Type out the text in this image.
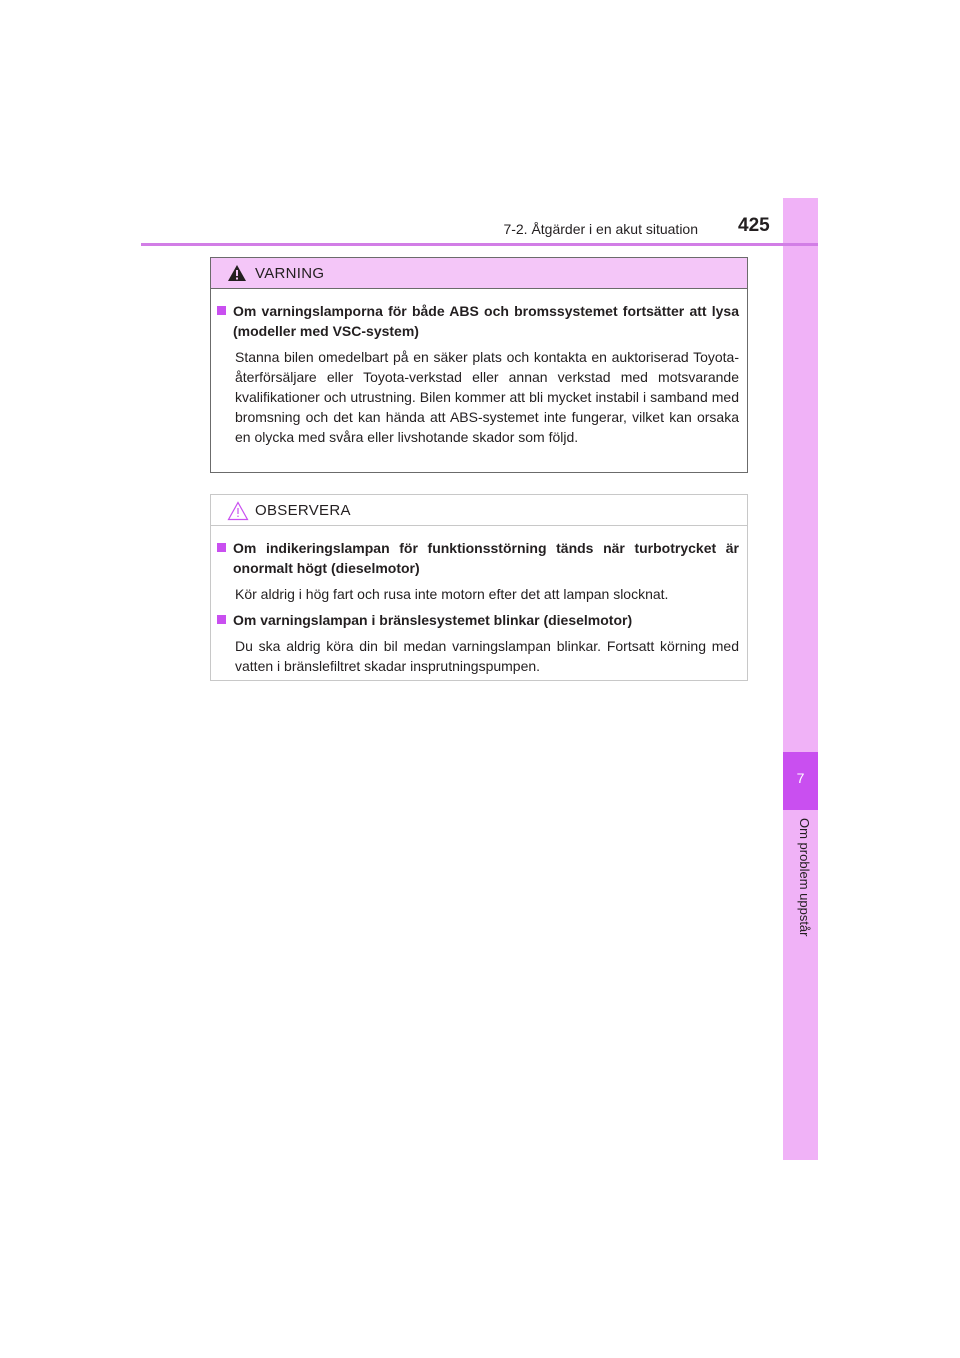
7
Om problem uppstår
7-2. Åtgärder i en akut situation 425
VARNING
Om varningslamporna för både ABS och bromssystemet fortsätter att lysa (modeller med VSC-system)
Stanna bilen omedelbart på en säker plats och kontakta en auktoriserad Toyota-återförsäljare eller Toyota-verkstad eller annan verkstad med motsvarande kvalifikationer och utrustning. Bilen kommer att bli mycket instabil i samband med bromsning och det kan hända att ABS-systemet inte fungerar, vilket kan orsaka en olycka med svåra eller livshotande skador som följd.
OBSERVERA
Om indikeringslampan för funktionsstörning tänds när turbotrycket är onormalt högt (dieselmotor)
Kör aldrig i hög fart och rusa inte motorn efter det att lampan slocknat.
Om varningslampan i bränslesystemet blinkar (dieselmotor)
Du ska aldrig köra din bil medan varningslampan blinkar. Fortsatt körning med vatten i bränslefiltret skadar insprutningspumpen.
